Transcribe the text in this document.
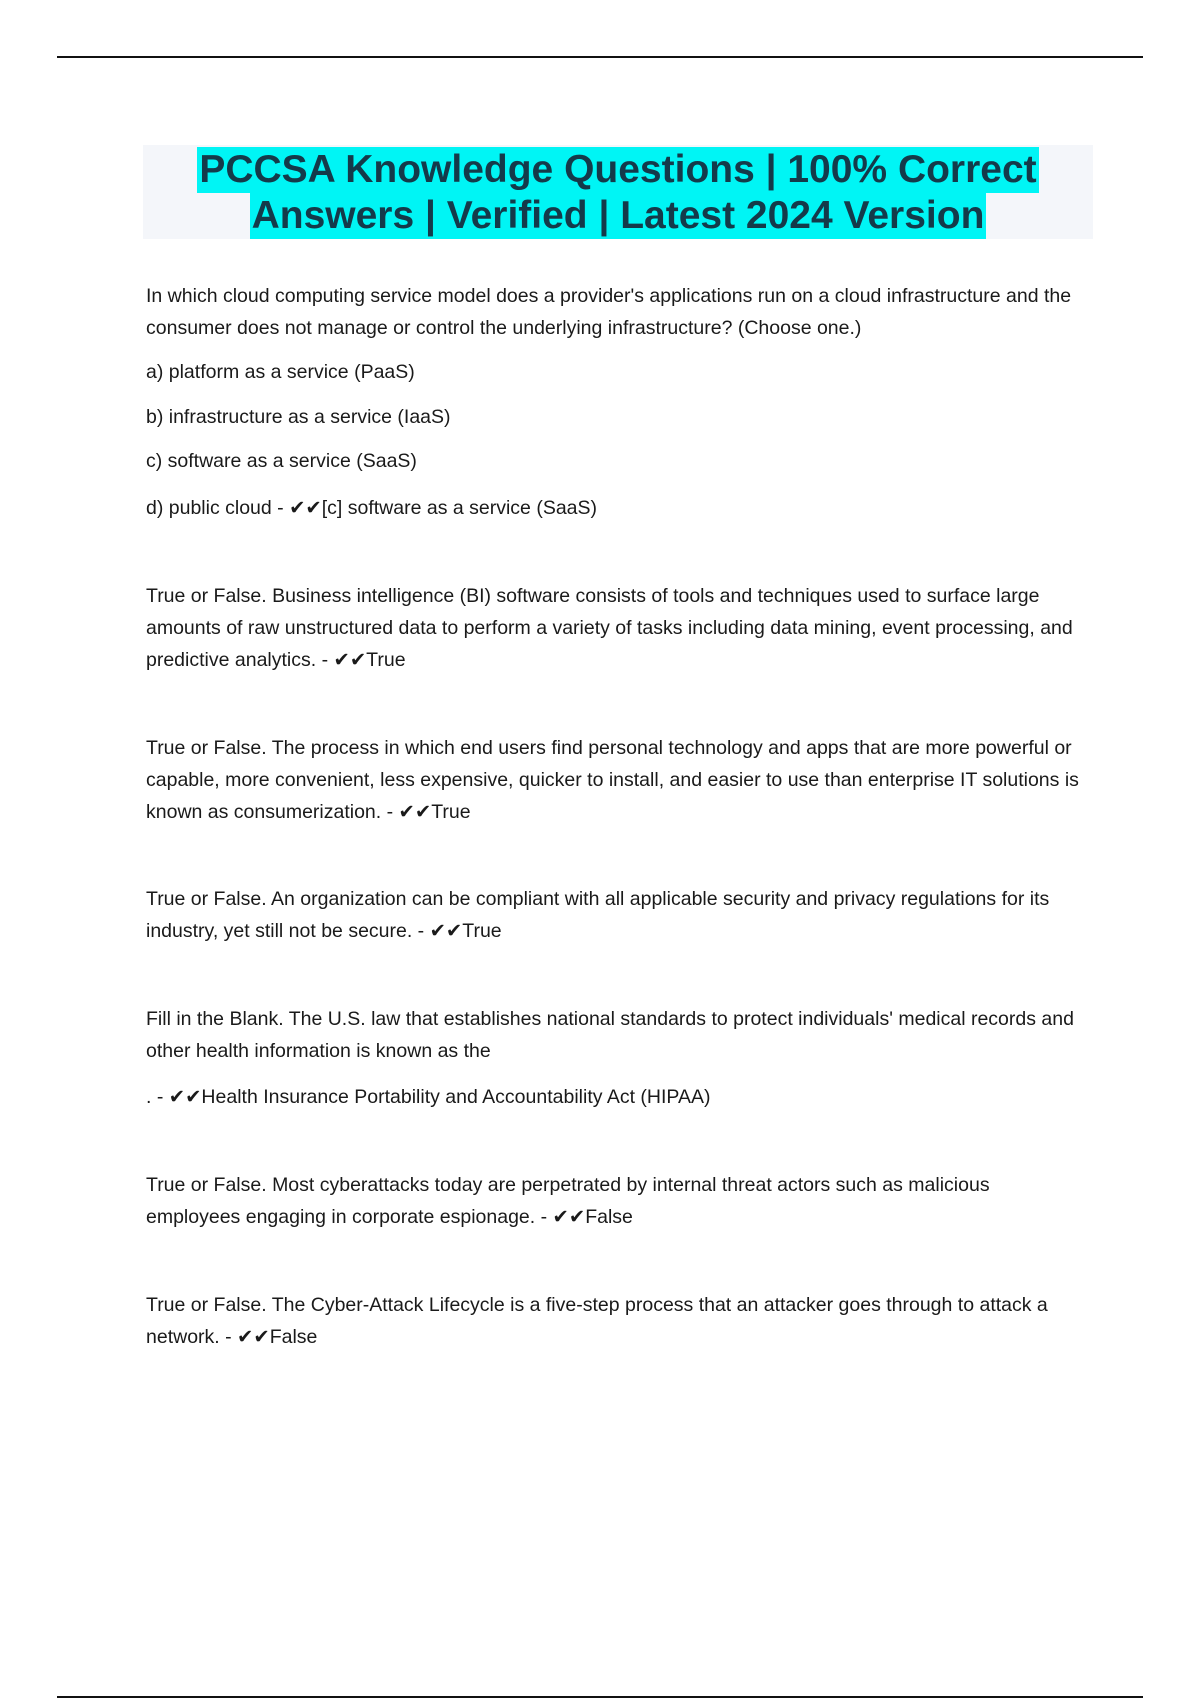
PCCSA Knowledge Questions | 100% Correct
Answers | Verified | Latest 2024 Version

In which cloud computing service model does a provider's applications run on a cloud infrastructure and the consumer does not manage or control the underlying infrastructure? (Choose one.)

a) platform as a service (PaaS)

b) infrastructure as a service (IaaS)

c) software as a service (SaaS)

d) public cloud - ✔✔[c] software as a service (SaaS)

True or False. Business intelligence (BI) software consists of tools and techniques used to surface large amounts of raw unstructured data to perform a variety of tasks including data mining, event processing, and predictive analytics. - ✔✔True

True or False. The process in which end users find personal technology and apps that are more powerful or capable, more convenient, less expensive, quicker to install, and easier to use than enterprise IT solutions is known as consumerization. - ✔✔True

True or False. An organization can be compliant with all applicable security and privacy regulations for its industry, yet still not be secure. - ✔✔True

Fill in the Blank. The U.S. law that establishes national standards to protect individuals' medical records and other health information is known as the

. - ✔✔Health Insurance Portability and Accountability Act (HIPAA)

True or False. Most cyberattacks today are perpetrated by internal threat actors such as malicious employees engaging in corporate espionage. - ✔✔False

True or False. The Cyber-Attack Lifecycle is a five-step process that an attacker goes through to attack a network. - ✔✔False
